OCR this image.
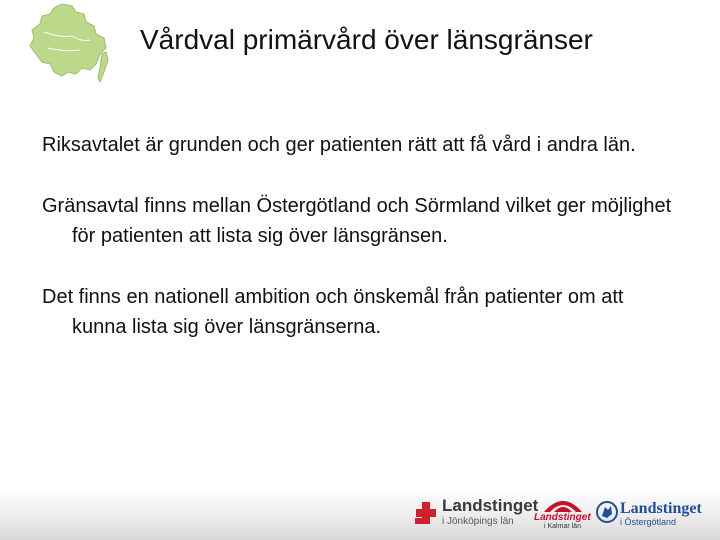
Vårdval primärvård över länsgränser

Riksavtalet är grunden och ger patienten rätt att få vård i andra län.

Gränsavtal finns mellan Östergötland och Sörmland vilket ger möjlighet för patienten att lista sig över länsgränsen.

Det finns en nationell ambition och önskemål från patienter om att kunna lista sig över länsgränserna.

Landstinget
i Jönköpings län Landstinget
i Kalmar län
Landstinget
i Östergötland
